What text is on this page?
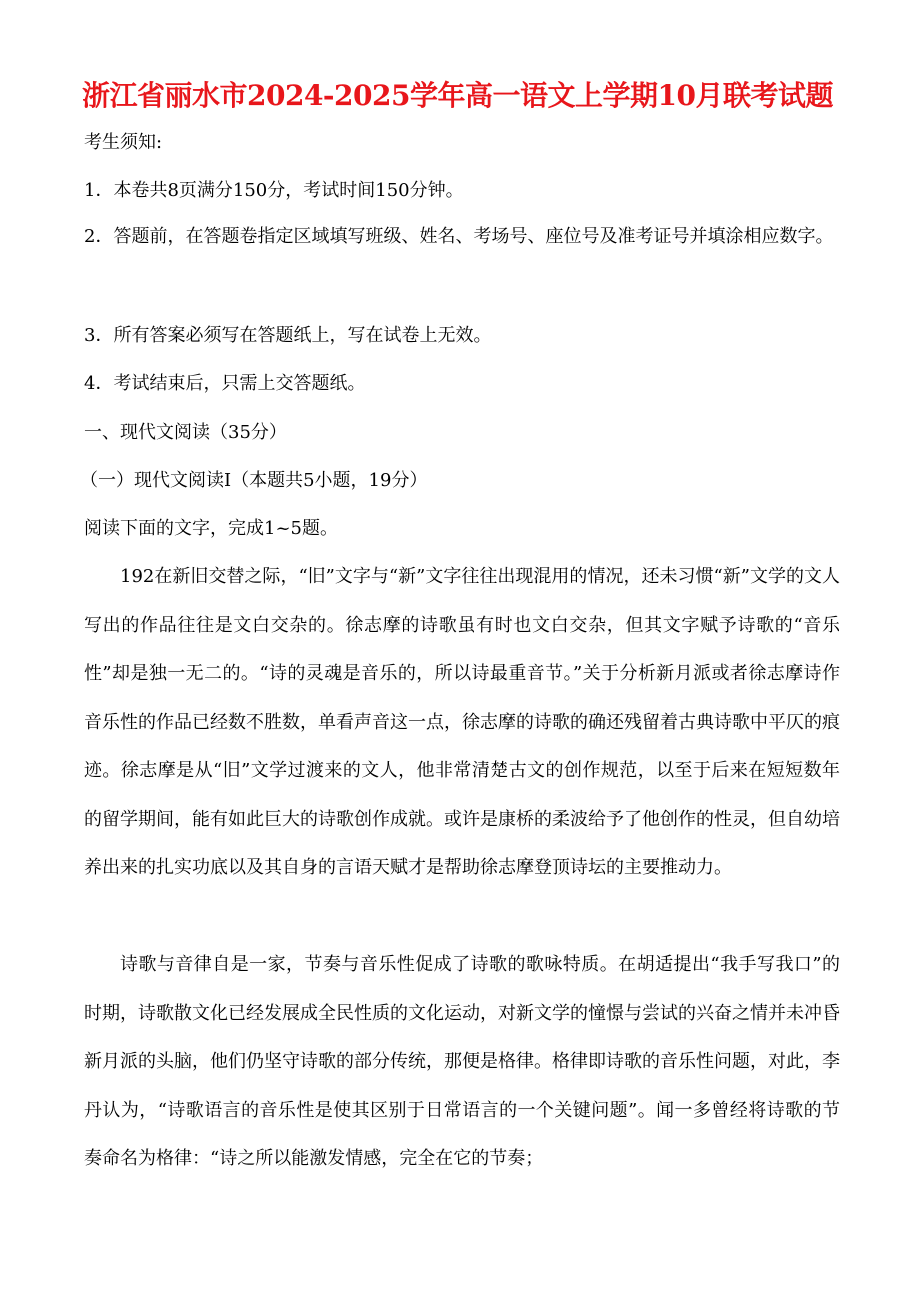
浙江省丽水市2024-2025学年高一语文上学期10月联考试题

考生须知:

1．本卷共8页满分150分，考试时间150分钟。

2．答题前，在答题卷指定区域填写班级、姓名、考场号、座位号及准考证号并填涂相应数字。

3．所有答案必须写在答题纸上，写在试卷上无效。

4．考试结束后，只需上交答题纸。

一、现代文阅读（35分）

（一）现代文阅读Ⅰ（本题共5小题，19分）

阅读下面的文字，完成1~5题。

192在新旧交替之际，“旧”文字与“新”文字往往出现混用的情况，还未习惯“新”文学的文人写出的作品往往是文白交杂的。徐志摩的诗歌虽有时也文白交杂，但其文字赋予诗歌的“音乐性”却是独一无二的。“诗的灵魂是音乐的，所以诗最重音节。”关于分析新月派或者徐志摩诗作音乐性的作品已经数不胜数，单看声音这一点，徐志摩的诗歌的确还残留着古典诗歌中平仄的痕迹。徐志摩是从“旧”文学过渡来的文人，他非常清楚古文的创作规范，以至于后来在短短数年的留学期间，能有如此巨大的诗歌创作成就。或许是康桥的柔波给予了他创作的性灵，但自幼培养出来的扎实功底以及其自身的言语天赋才是帮助徐志摩登顶诗坛的主要推动力。

诗歌与音律自是一家，节奏与音乐性促成了诗歌的歌咏特质。在胡适提出“我手写我口”的时期，诗歌散文化已经发展成全民性质的文化运动，对新文学的憧憬与尝试的兴奋之情并未冲昏新月派的头脑，他们仍坚守诗歌的部分传统，那便是格律。格律即诗歌的音乐性问题，对此，李丹认为，“诗歌语言的音乐性是使其区别于日常语言的一个关键问题”。闻一多曾经将诗歌的节奏命名为格律：“诗之所以能激发情感，完全在它的节奏；
